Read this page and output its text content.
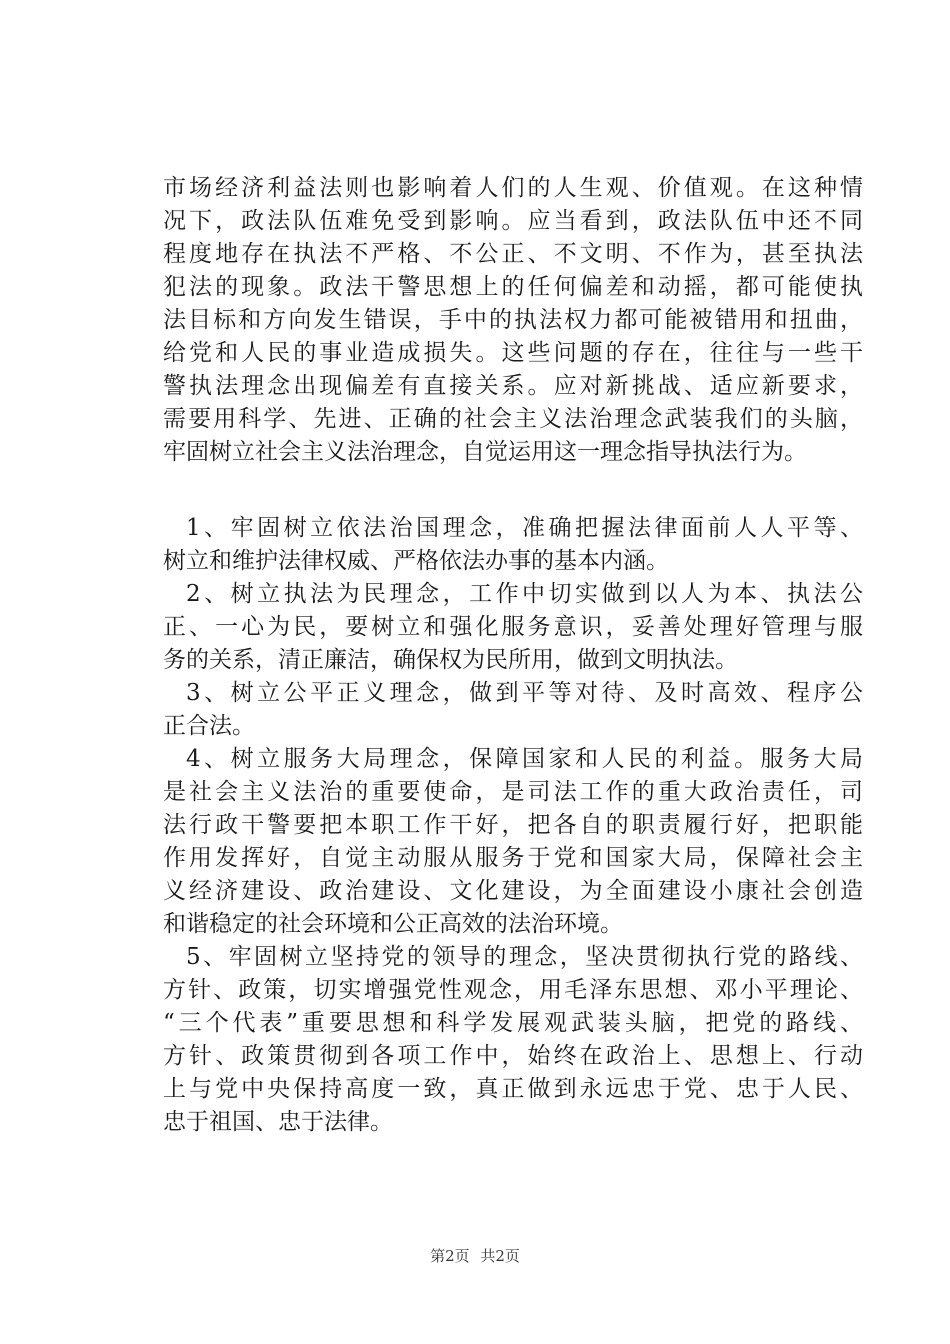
市场经济利益法则也影响着人们的人生观、价值观。在这种情
况下，政法队伍难免受到影响。应当看到，政法队伍中还不同
程度地存在执法不严格、不公正、不文明、不作为，甚至执法
犯法的现象。政法干警思想上的任何偏差和动摇，都可能使执
法目标和方向发生错误，手中的执法权力都可能被错用和扭曲，
给党和人民的事业造成损失。这些问题的存在，往往与一些干
警执法理念出现偏差有直接关系。应对新挑战、适应新要求，
需要用科学、先进、正确的社会主义法治理念武装我们的头脑，
牢固树立社会主义法治理念，自觉运用这一理念指导执法行为。
1、牢固树立依法治国理念，准确把握法律面前人人平等、
树立和维护法律权威、严格依法办事的基本内涵。
2、树立执法为民理念，工作中切实做到以人为本、执法公
正、一心为民，要树立和强化服务意识，妥善处理好管理与服
务的关系，清正廉洁，确保权为民所用，做到文明执法。
3、树立公平正义理念，做到平等对待、及时高效、程序公
正合法。
4、树立服务大局理念，保障国家和人民的利益。服务大局
是社会主义法治的重要使命，是司法工作的重大政治责任，司
法行政干警要把本职工作干好，把各自的职责履行好，把职能
作用发挥好，自觉主动服从服务于党和国家大局，保障社会主
义经济建设、政治建设、文化建设，为全面建设小康社会创造
和谐稳定的社会环境和公正高效的法治环境。
5、牢固树立坚持党的领导的理念，坚决贯彻执行党的路线、
方针、政策，切实增强党性观念，用毛泽东思想、邓小平理论、
“三个代表”重要思想和科学发展观武装头脑，把党的路线、
方针、政策贯彻到各项工作中，始终在政治上、思想上、行动
上与党中央保持高度一致，真正做到永远忠于党、忠于人民、
忠于祖国、忠于法律。
第2页 共2页
